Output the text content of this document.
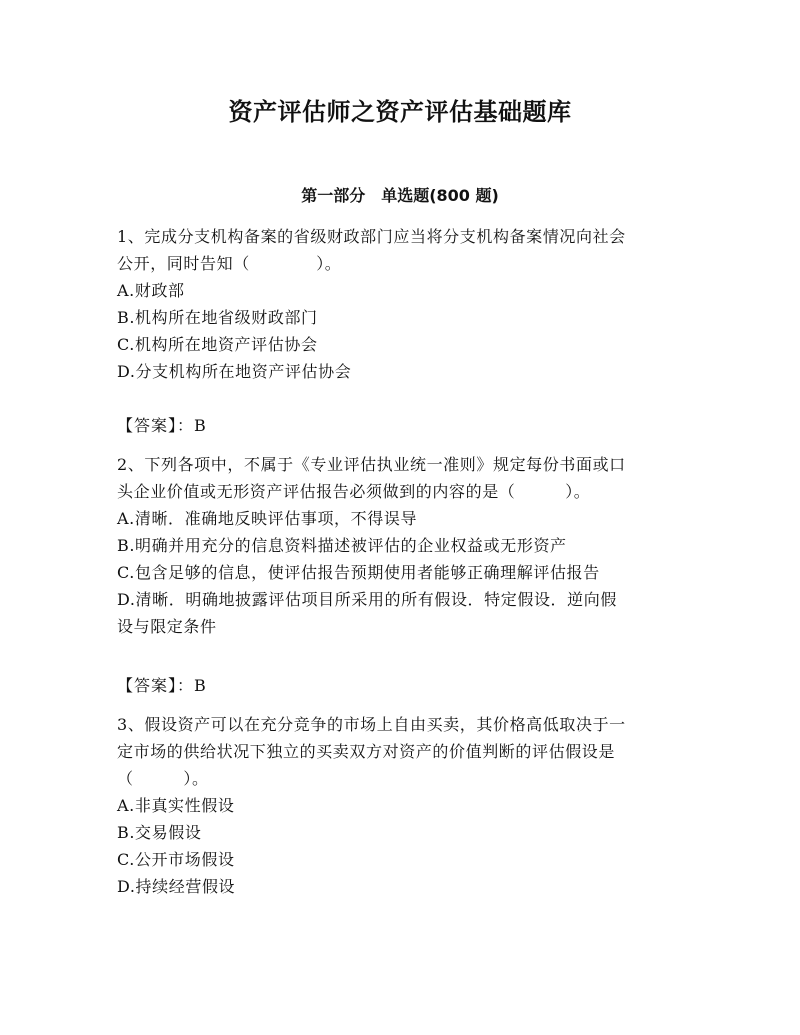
资产评估师之资产评估基础题库
第一部分　单选题(800 题)
1、完成分支机构备案的省级财政部门应当将分支机构备案情况向社会
公开，同时告知（　　　　）。
A.财政部
B.机构所在地省级财政部门
C.机构所在地资产评估协会
D.分支机构所在地资产评估协会
【答案】：B
2、下列各项中，不属于《专业评估执业统一准则》规定每份书面或口
头企业价值或无形资产评估报告必须做到的内容的是（　　　）。
A.清晰．准确地反映评估事项，不得误导
B.明确并用充分的信息资料描述被评估的企业权益或无形资产
C.包含足够的信息，使评估报告预期使用者能够正确理解评估报告
D.清晰．明确地披露评估项目所采用的所有假设．特定假设．逆向假
设与限定条件
【答案】：B
3、假设资产可以在充分竞争的市场上自由买卖，其价格高低取决于一
定市场的供给状况下独立的买卖双方对资产的价值判断的评估假设是
（　　　）。
A.非真实性假设
B.交易假设
C.公开市场假设
D.持续经营假设
